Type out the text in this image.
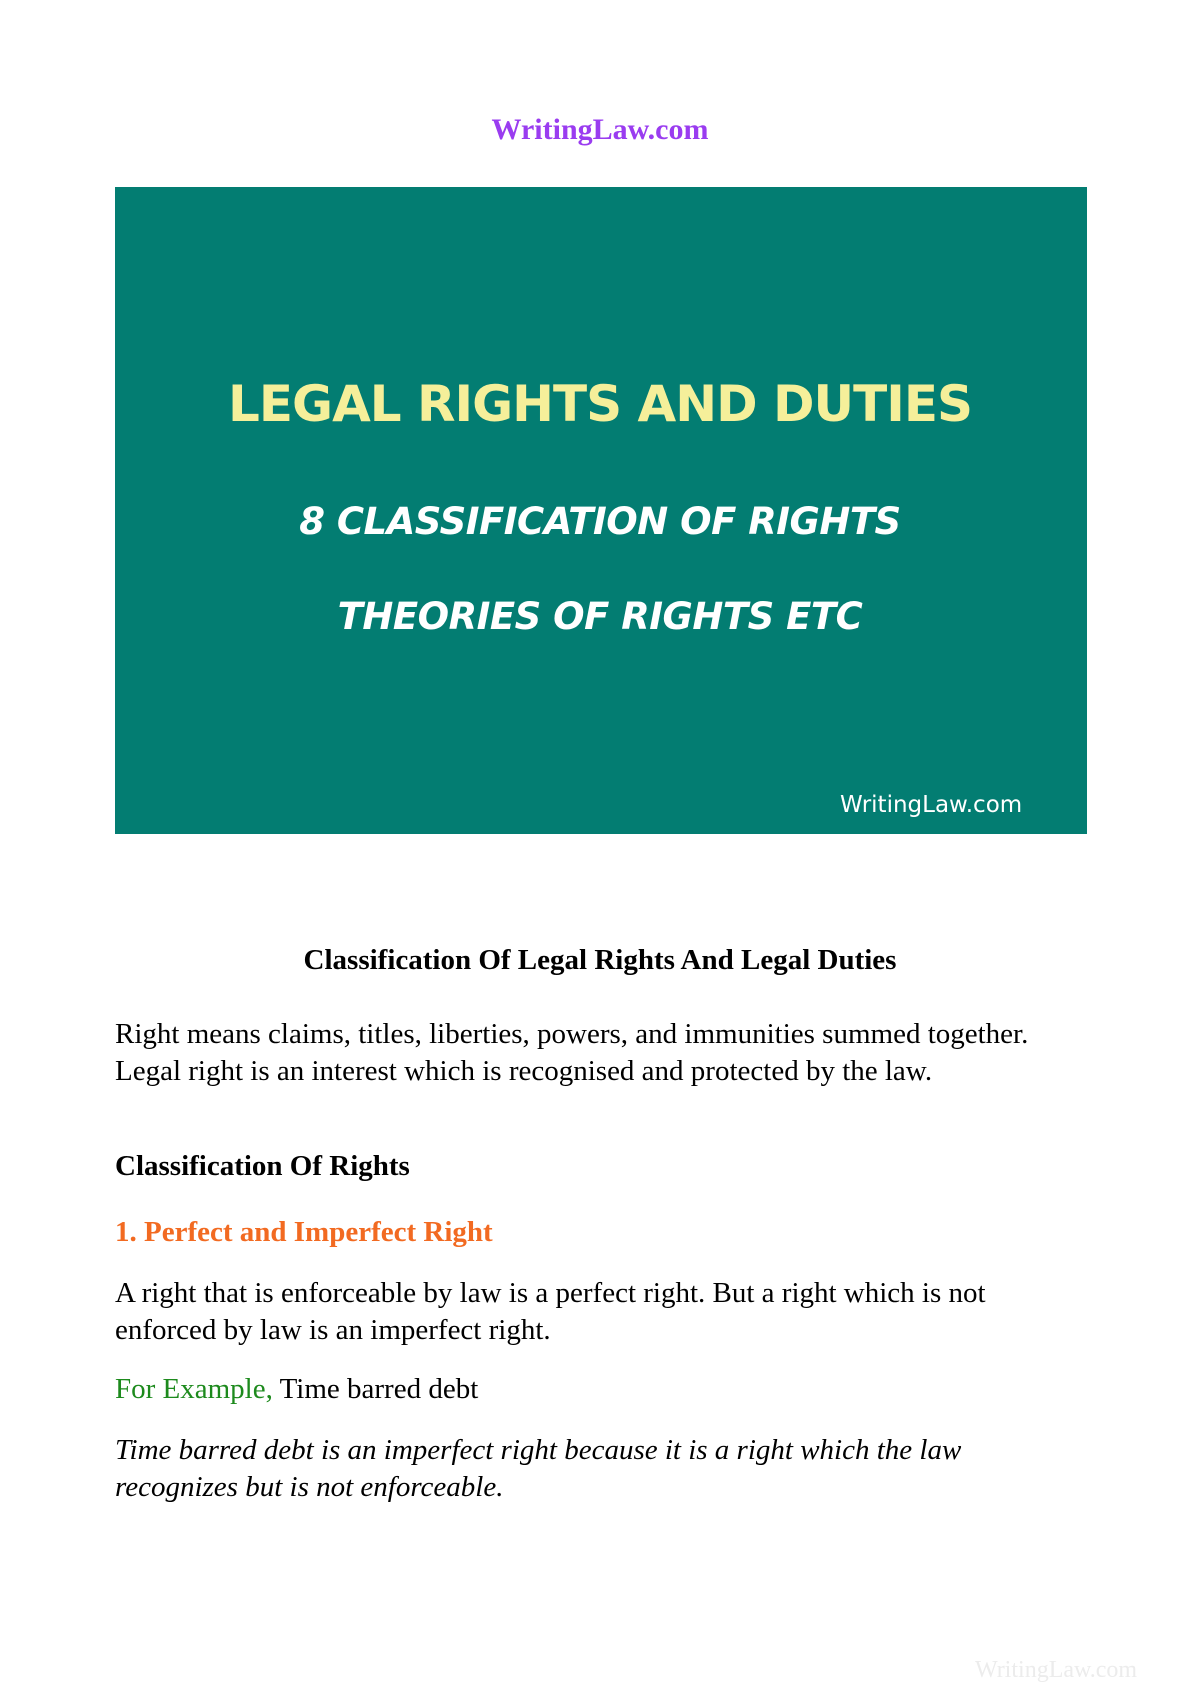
WritingLaw.com
LEGAL RIGHTS AND DUTIES
8 CLASSIFICATION OF RIGHTS
THEORIES OF RIGHTS ETC
WritingLaw.com
Classification Of Legal Rights And Legal Duties
Right means claims, titles, liberties, powers, and immunities summed together. Legal right is an interest which is recognised and protected by the law.
Classification Of Rights
1. Perfect and Imperfect Right
A right that is enforceable by law is a perfect right. But a right which is not enforced by law is an imperfect right.
For Example, Time barred debt
Time barred debt is an imperfect right because it is a right which the law recognizes but is not enforceable.
WritingLaw.com
